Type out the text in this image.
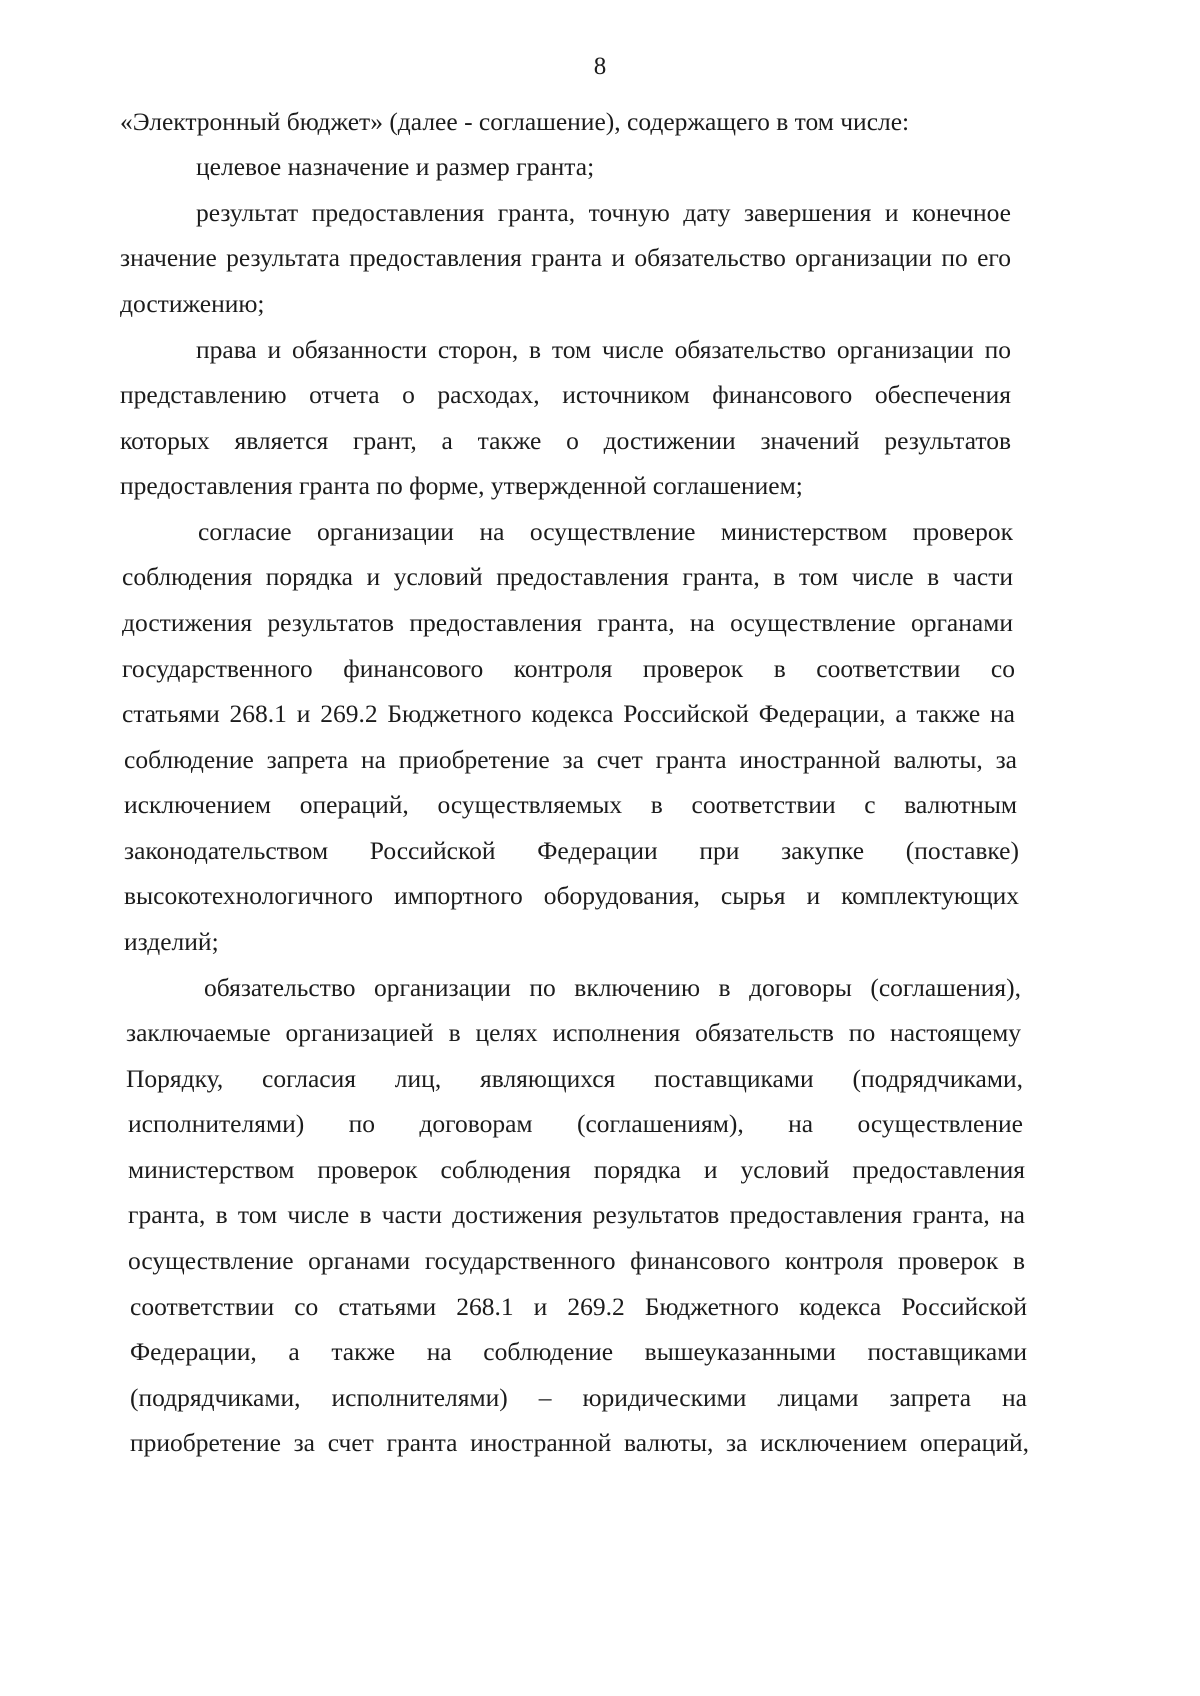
8
«Электронный бюджет» (далее - соглашение), содержащего в том числе:
целевое назначение и размер гранта;
результат предоставления гранта, точную дату завершения и конечное
значение результата предоставления гранта и обязательство организации по его
достижению;
права и обязанности сторон, в том числе обязательство организации по
представлению отчета о расходах, источником финансового обеспечения
которых является грант, а также о достижении значений результатов
предоставления гранта по форме, утвержденной соглашением;
согласие организации на осуществление министерством проверок
соблюдения порядка и условий предоставления гранта, в том числе в части
достижения результатов предоставления гранта, на осуществление органами
государственного финансового контроля проверок в соответствии со
статьями 268.1 и 269.2 Бюджетного кодекса Российской Федерации, а также на
соблюдение запрета на приобретение за счет гранта иностранной валюты, за
исключением операций, осуществляемых в соответствии с валютным
законодательством Российской Федерации при закупке (поставке)
высокотехнологичного импортного оборудования, сырья и комплектующих
изделий;
обязательство организации по включению в договоры (соглашения),
заключаемые организацией в целях исполнения обязательств по настоящему
Порядку, согласия лиц, являющихся поставщиками (подрядчиками,
исполнителями) по договорам (соглашениям), на осуществление
министерством проверок соблюдения порядка и условий предоставления
гранта, в том числе в части достижения результатов предоставления гранта, на
осуществление органами государственного финансового контроля проверок в
соответствии со статьями 268.1 и 269.2 Бюджетного кодекса Российской
Федерации, а также на соблюдение вышеуказанными поставщиками
(подрядчиками, исполнителями) – юридическими лицами запрета на
приобретение за счет гранта иностранной валюты, за исключением операций,
